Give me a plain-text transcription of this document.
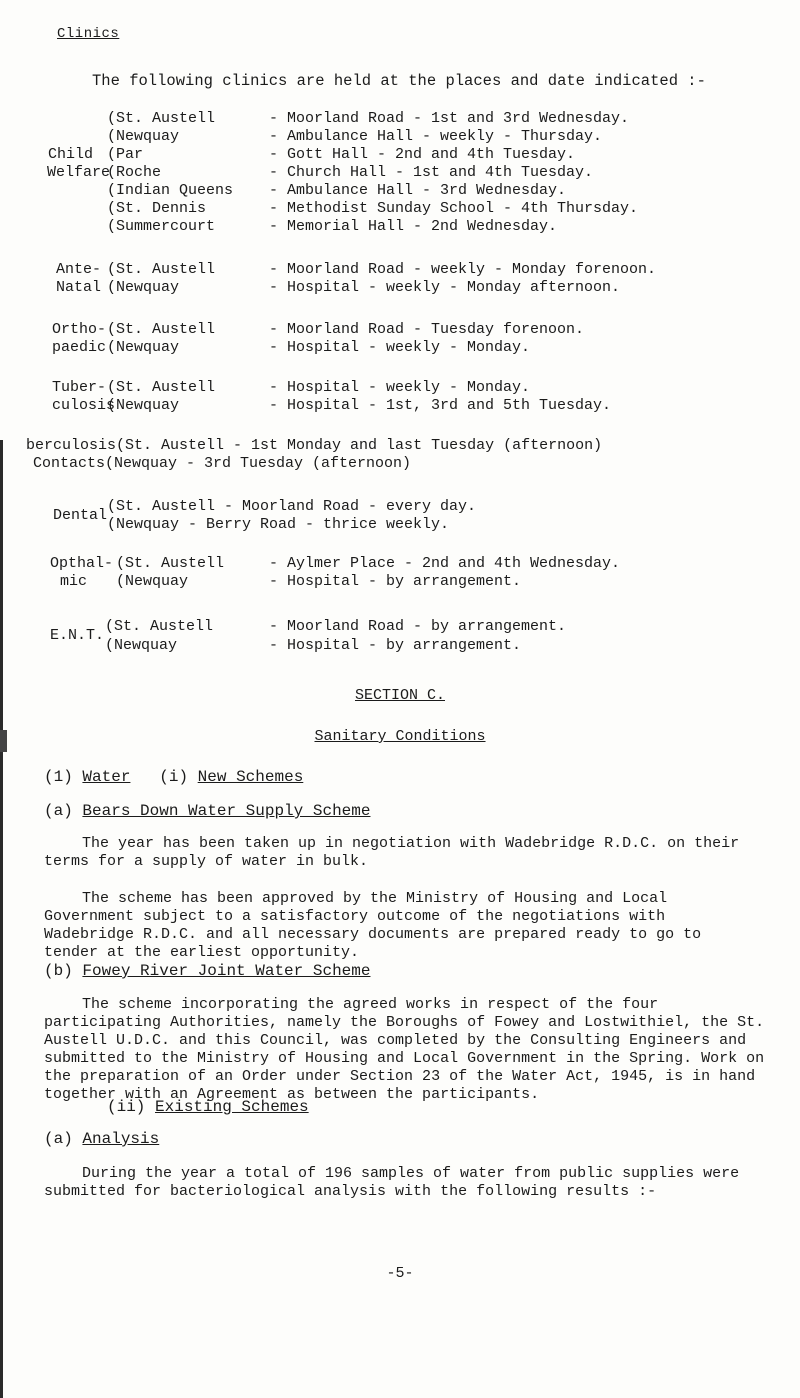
Clinics
The following clinics are held at the places and date indicated :-
Child
Welfare
(St. Austell	- Moorland Road - 1st and 3rd Wednesday.
(Newquay	- Ambulance Hall - weekly - Thursday.
(Par	- Gott Hall - 2nd and 4th Tuesday.
(Roche	- Church Hall - 1st and 4th Tuesday.
(Indian Queens - Ambulance Hall - 3rd Wednesday.
(St. Dennis	- Methodist Sunday School - 4th Thursday.
(Summercourt	- Memorial Hall - 2nd Wednesday.
Ante-
Natal
(St. Austell	- Moorland Road - weekly - Monday forenoon.
(Newquay	- Hospital - weekly - Monday afternoon.
Ortho-
paedic
(St. Austell	- Moorland Road - Tuesday forenoon.
(Newquay	- Hospital - weekly - Monday.
Tuber-
culosis
(St. Austell	- Hospital - weekly - Monday.
(Newquay	- Hospital - 1st, 3rd and 5th Tuesday.
berculosis(St. Austell - 1st Monday and last Tuesday (afternoon)
Contacts(Newquay - 3rd Tuesday (afternoon)
Dental
(St. Austell - Moorland Road - every day.
(Newquay - Berry Road - thrice weekly.
Opthal-
mic
(St. Austell	- Aylmer Place - 2nd and 4th Wednesday.
(Newquay	- Hospital - by arrangement.
E.N.T.
(St. Austell	- Moorland Road - by arrangement.
(Newquay	- Hospital - by arrangement.
SECTION C.
Sanitary Conditions
(1) Water (i) New Schemes
(a) Bears Down Water Supply Scheme
The year has been taken up in negotiation with Wadebridge R.D.C. on their terms for a supply of water in bulk.
The scheme has been approved by the Ministry of Housing and Local Government subject to a satisfactory outcome of the negotiations with Wadebridge R.D.C. and all necessary documents are prepared ready to go to tender at the earliest opportunity.
(b) Fowey River Joint Water Scheme
The scheme incorporating the agreed works in respect of the four participating Authorities, namely the Boroughs of Fowey and Lostwithiel, the St. Austell U.D.C. and this Council, was completed by the Consulting Engineers and submitted to the Ministry of Housing and Local Government in the Spring. Work on the preparation of an Order under Section 23 of the Water Act, 1945, is in hand together with an Agreement as between the participants.
(ii) Existing Schemes
(a) Analysis
During the year a total of 196 samples of water from public supplies were submitted for bacteriological analysis with the following results :-
-5-
